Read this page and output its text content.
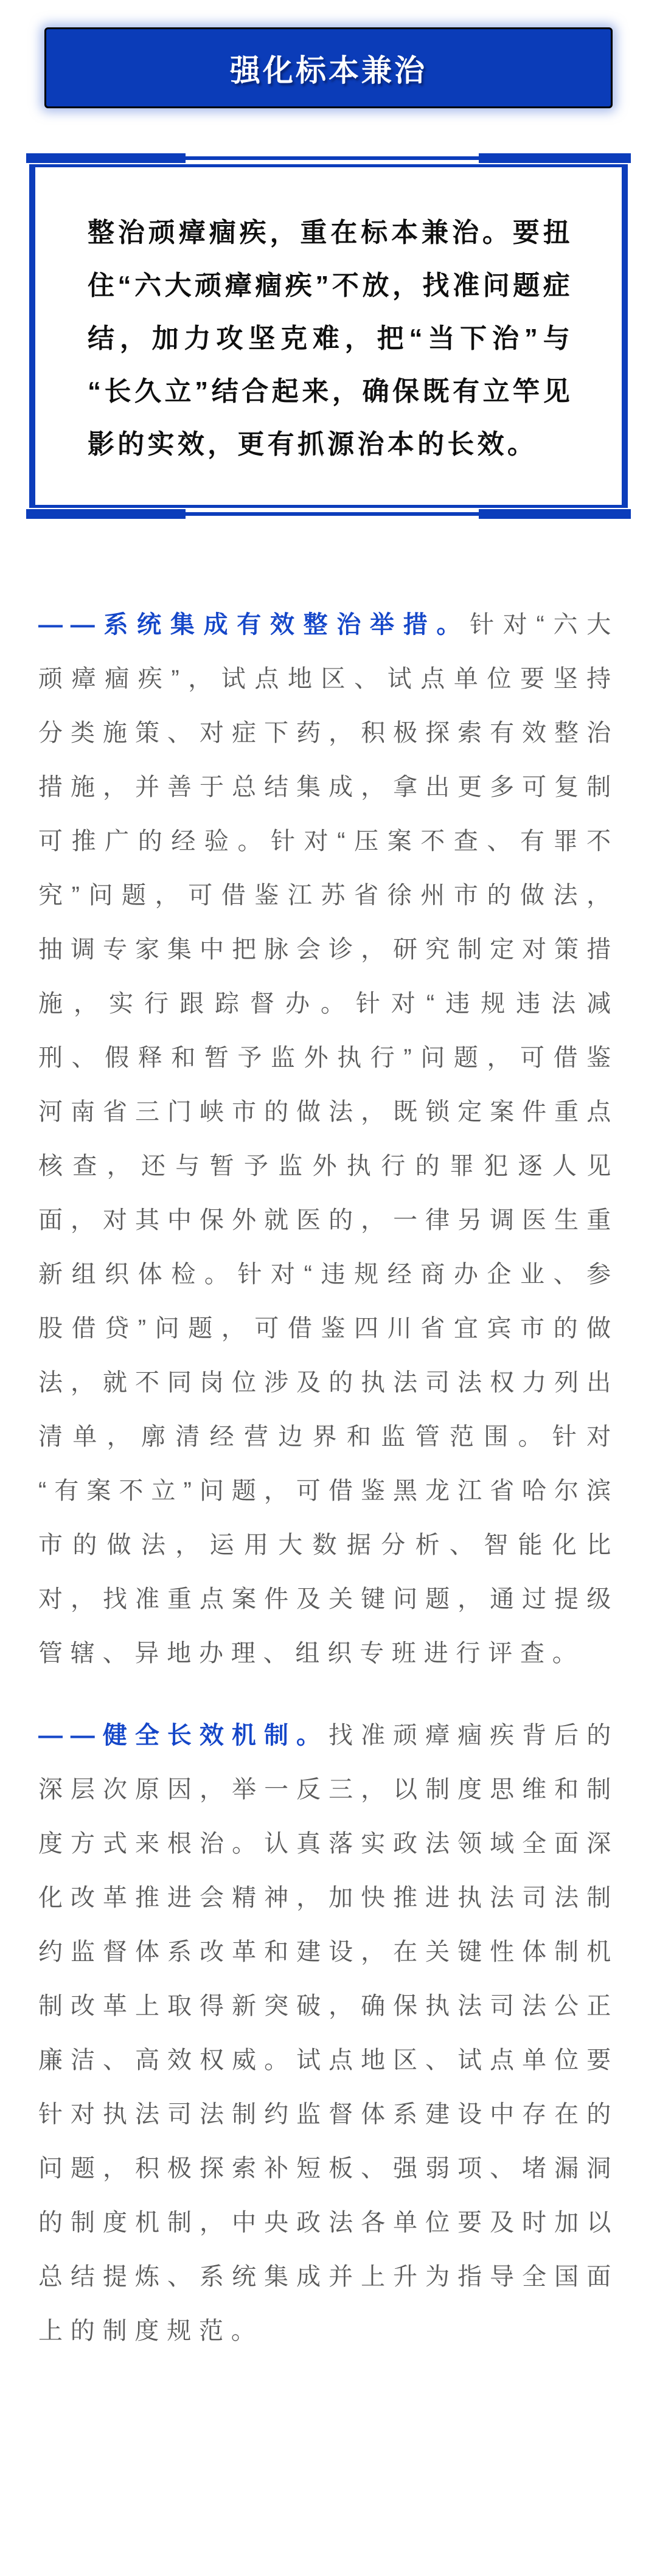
强化标本兼治
整治顽瘴痼疾，重在标本兼治。要扭住“六大顽瘴痼疾”不放，找准问题症结，加力攻坚克难，把“当下治”与“长久立”结合起来，确保既有立竿见影的实效，更有抓源治本的长效。

——系统集成有效整治举措。针对“六大顽瘴痼疾”，试点地区、试点单位要坚持分类施策、对症下药，积极探索有效整治措施，并善于总结集成，拿出更多可复制可推广的经验。针对“压案不查、有罪不究”问题，可借鉴江苏省徐州市的做法，抽调专家集中把脉会诊，研究制定对策措施，实行跟踪督办。针对“违规违法减刑、假释和暂予监外执行”问题，可借鉴河南省三门峡市的做法，既锁定案件重点核查，还与暂予监外执行的罪犯逐人见面，对其中保外就医的，一律另调医生重新组织体检。针对“违规经商办企业、参股借贷”问题，可借鉴四川省宜宾市的做法，就不同岗位涉及的执法司法权力列出清单，廓清经营边界和监管范围。针对“有案不立”问题，可借鉴黑龙江省哈尔滨市的做法，运用大数据分析、智能化比对，找准重点案件及关键问题，通过提级管辖、异地办理、组织专班进行评查。

——健全长效机制。找准顽瘴痼疾背后的深层次原因，举一反三，以制度思维和制度方式来根治。认真落实政法领域全面深化改革推进会精神，加快推进执法司法制约监督体系改革和建设，在关键性体制机制改革上取得新突破，确保执法司法公正廉洁、高效权威。试点地区、试点单位要针对执法司法制约监督体系建设中存在的问题，积极探索补短板、强弱项、堵漏洞的制度机制，中央政法各单位要及时加以总结提炼、系统集成并上升为指导全国面上的制度规范。
